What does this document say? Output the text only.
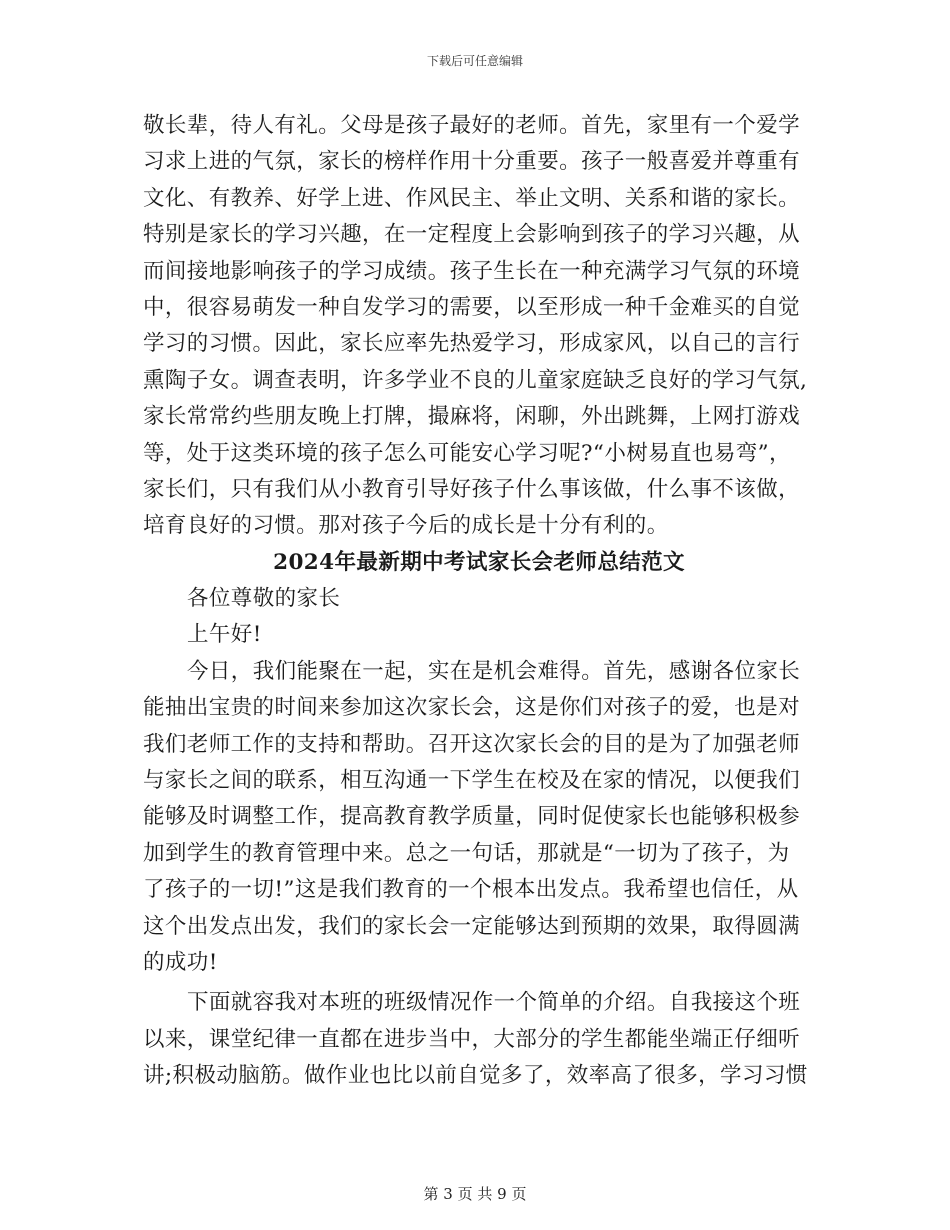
下载后可任意编辑
敬长辈，待人有礼。父母是孩子最好的老师。首先，家里有一个爱学
习求上进的气氛，家长的榜样作用十分重要。孩子一般喜爱并尊重有
文化、有教养、好学上进、作风民主、举止文明、关系和谐的家长。
特别是家长的学习兴趣，在一定程度上会影响到孩子的学习兴趣，从
而间接地影响孩子的学习成绩。孩子生长在一种充满学习气氛的环境
中，很容易萌发一种自发学习的需要，以至形成一种千金难买的自觉
学习的习惯。因此，家长应率先热爱学习，形成家风，以自己的言行
熏陶子女。调查表明，许多学业不良的儿童家庭缺乏良好的学习气氛,
家长常常约些朋友晚上打牌，撮麻将，闲聊，外出跳舞，上网打游戏
等，处于这类环境的孩子怎么可能安心学习呢?“小树易直也易弯”，
家长们，只有我们从小教育引导好孩子什么事该做，什么事不该做，
培育良好的习惯。那对孩子今后的成长是十分有利的。
2024年最新期中考试家长会老师总结范文
各位尊敬的家长
上午好!
今日，我们能聚在一起，实在是机会难得。首先，感谢各位家长
能抽出宝贵的时间来参加这次家长会，这是你们对孩子的爱，也是对
我们老师工作的支持和帮助。召开这次家长会的目的是为了加强老师
与家长之间的联系，相互沟通一下学生在校及在家的情况，以便我们
能够及时调整工作，提高教育教学质量，同时促使家长也能够积极参
加到学生的教育管理中来。总之一句话，那就是“一切为了孩子，为
了孩子的一切!”这是我们教育的一个根本出发点。我希望也信任，从
这个出发点出发，我们的家长会一定能够达到预期的效果，取得圆满
的成功!
下面就容我对本班的班级情况作一个简单的介绍。自我接这个班
以来，课堂纪律一直都在进步当中，大部分的学生都能坐端正仔细听
讲;积极动脑筋。做作业也比以前自觉多了，效率高了很多，学习习惯
第 3 页 共 9 页
